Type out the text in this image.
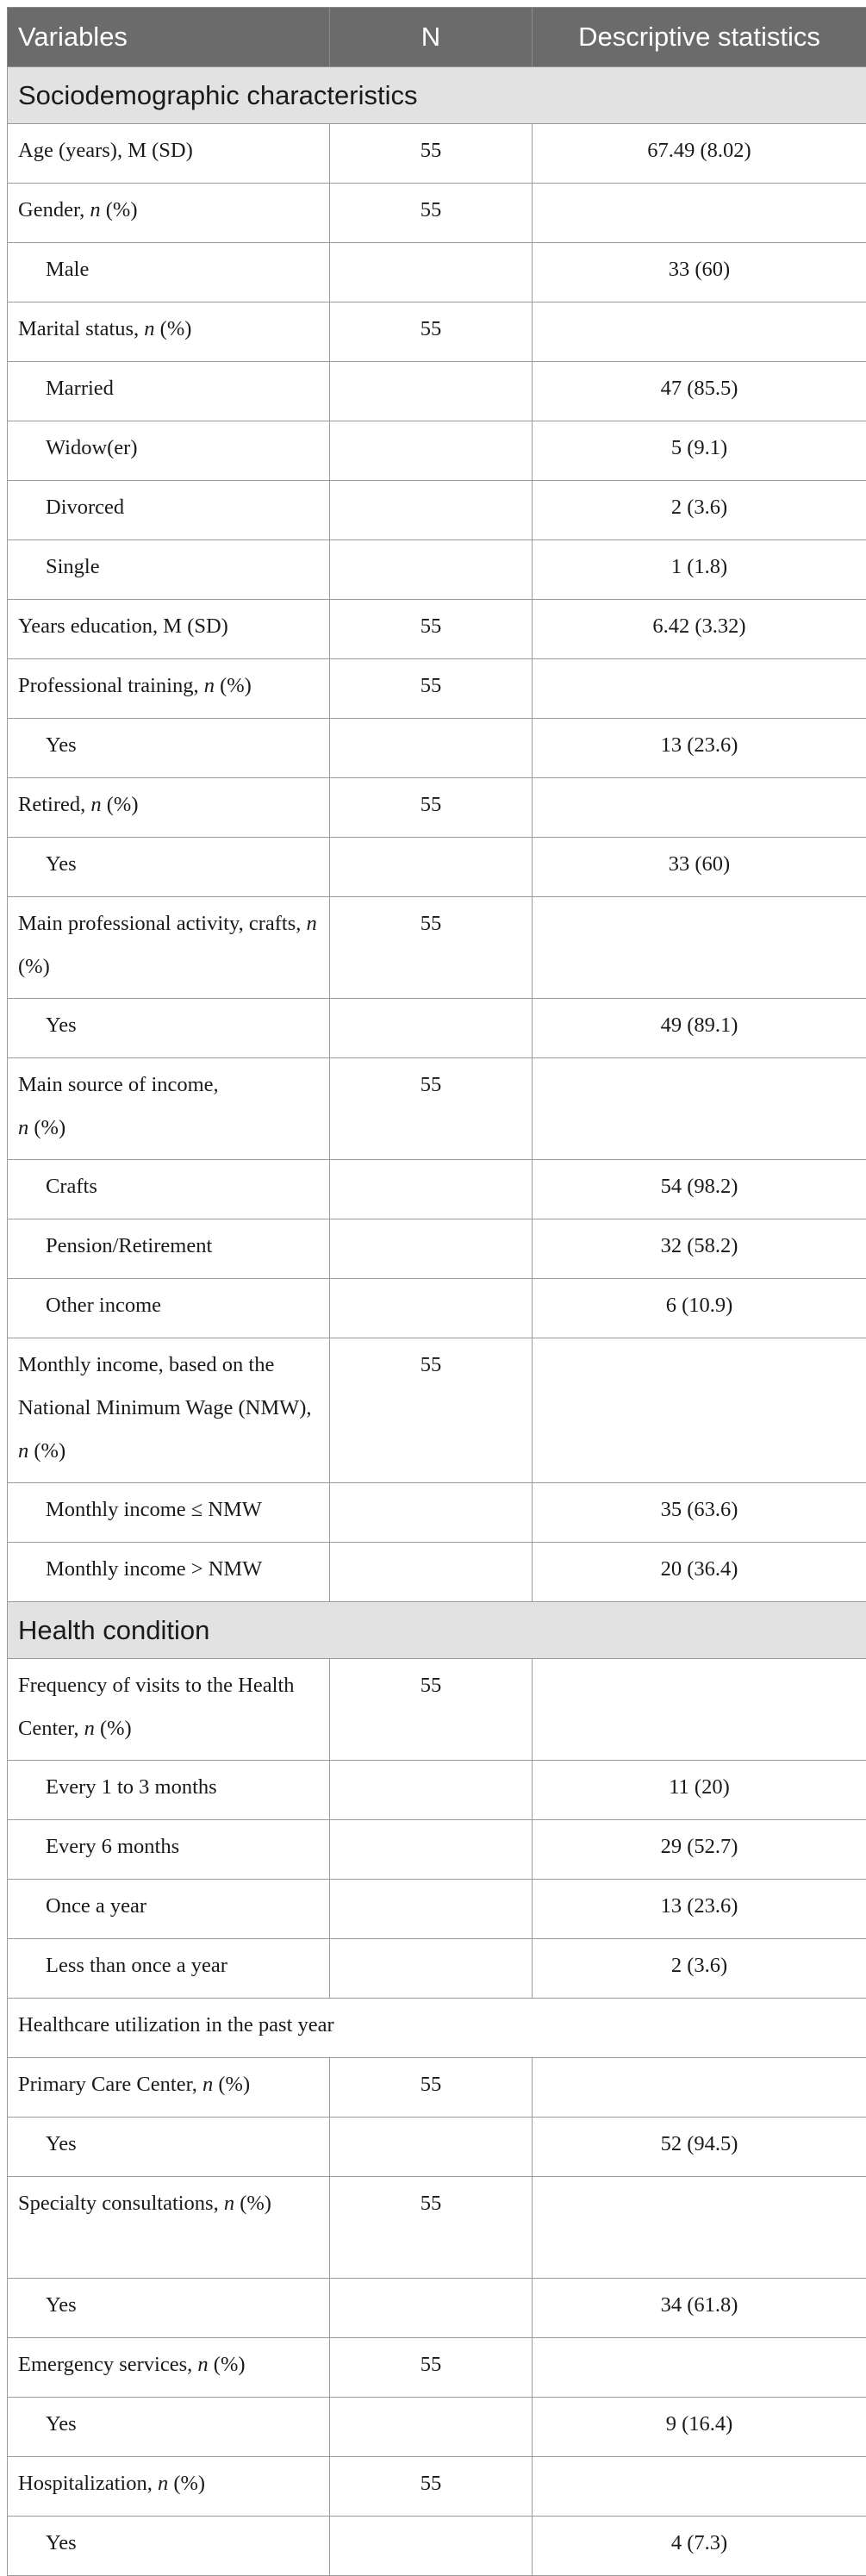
Variables	N	Descriptive statistics
Sociodemographic characteristics		
Age (years), M (SD)	55	67.49 (8.02)
Gender, n (%)	55	
Male		33 (60)
Marital status, n (%)	55	
Married		47 (85.5)
Widow(er)		5 (9.1)
Divorced		2 (3.6)
Single		1 (1.8)
Years education, M (SD)	55	6.42 (3.32)
Professional training, n (%)	55	
Yes		13 (23.6)
Retired, n (%)	55	
Yes		33 (60)
Main professional activity, crafts, n (%)	55	
Yes		49 (89.1)
Main source of income, n (%)	55	
Crafts		54 (98.2)
Pension/Retirement		32 (58.2)
Other income		6 (10.9)
Monthly income, based on the National Minimum Wage (NMW), n (%)	55	
Monthly income ≤ NMW		35 (63.6)
Monthly income > NMW		20 (36.4)
Health condition		
Frequency of visits to the Health Center, n (%)	55	
Every 1 to 3 months		11 (20)
Every 6 months		29 (52.7)
Once a year		13 (23.6)
Less than once a year		2 (3.6)
Healthcare utilization in the past year		
Primary Care Center, n (%)	55	
Yes		52 (94.5)
Specialty consultations, n (%)	55	
Yes		34 (61.8)
Emergency services, n (%)	55	
Yes		9 (16.4)
Hospitalization, n (%)	55	
Yes		4 (7.3)
